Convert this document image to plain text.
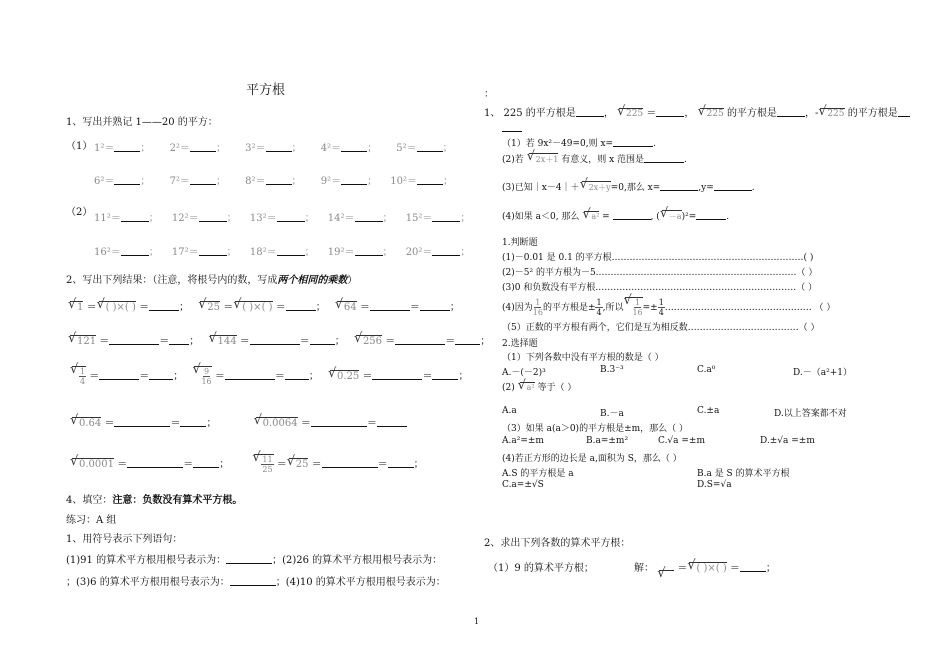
平方根
1、写出并熟记 1——20 的平方：
（1） 1²＝	； 2²＝	； 3²＝	； 4²＝	； 5²＝	；
6²＝	； 7²＝	； 8²＝	； 9²＝	； 10²＝	；
（2）
11²＝	； 12²＝	； 13²＝	； 14²＝	； 15²＝	；
16²＝	； 17²＝	； 18²＝	； 19²＝	； 20²＝	；
2、写出下列结果：（注意，将根号内的数，写成两个相同的乘数）
√ 1 ＝ √ ( )×( ) ＝	； √ 25 ＝ √ ( )×( ) ＝	； √ 64 ＝	＝	；
√ 121 ＝	＝ ； √ 144 ＝	＝	； √ 256 ＝	＝	；
√ $\frac{1}{4}$ ＝	＝ ； √ $\frac{9}{16}$ ＝	＝ ； √ 0.25 ＝	＝	；
√ 0.64 ＝	＝	；	√ 0.0064 ＝	＝
√ 0.0001 ＝	＝	；	√ $\frac{11}{25}$ ＝ √ 25 ＝	＝	；
4、填空：注意：负数没有算术平方根。
练习：A 组
1、用符号表示下列语句：
(1)91 的算术平方根用根号表示为：	；(2)26 的算术平方根用根号表示为：
；(3)6 的算术平方根用根号表示为：	；(4)10 的算术平方根用根号表示为：
：
1、 225 的平方根是	， √ 225 ＝	， √ 225 的平方根是	，- √ 225 的平方根是
（1）若 9x²－49=0,则 x=	.
(2)若 √ 2x＋1 有意义，则 x 范围是	.
(3)已知｜x－4｜＋ √ 2x＋y=0,那么 x=	,y=	.
(4)如果 a＜0, 那么 √ a² =	, ( √ －a)²=	.
1.判断题
(1)－0.01 是 0.1 的平方根.………………………………………………………( )
(2)－5² 的平方根为－5.…………………………………………………………（ ）
(3)0 和负数没有平方根.…………………………………………………………（ ）
(4)因为 $\frac{1}{16}$ 的平方根是± $\frac{1}{4}$ ,所以 √ $\frac{1}{16} =\pm \frac{1}{4}$ .………………………………………… （ ）
（5）正数的平方根有两个，它们是互为相反数.………………………………（ ）
2.选择题
（1）下列各数中没有平方根的数是（ ）
A.－(－2)³	B.3⁻³	C.a⁰	D.－（a²+1）
(2) √ a² 等于（ ）
A.a	B.－a	C.±a	D.以上答案都不对
（3）如果 a(a＞0)的平方根是±m，那么（ ）
A.a²=±m	B.a=±m²	C.√a =±m	D.±√a =±m
(4)若正方形的边长是 a,面积为 S，那么（ ）
A.S 的平方根是 a	B.a 是 S 的算术平方根
C.a=±√S	D.S=√a
2、求出下列各数的算术平方根：
（1）9 的算术平方根；	解： √ ＝ √ ( )×( ) ＝	；
1
